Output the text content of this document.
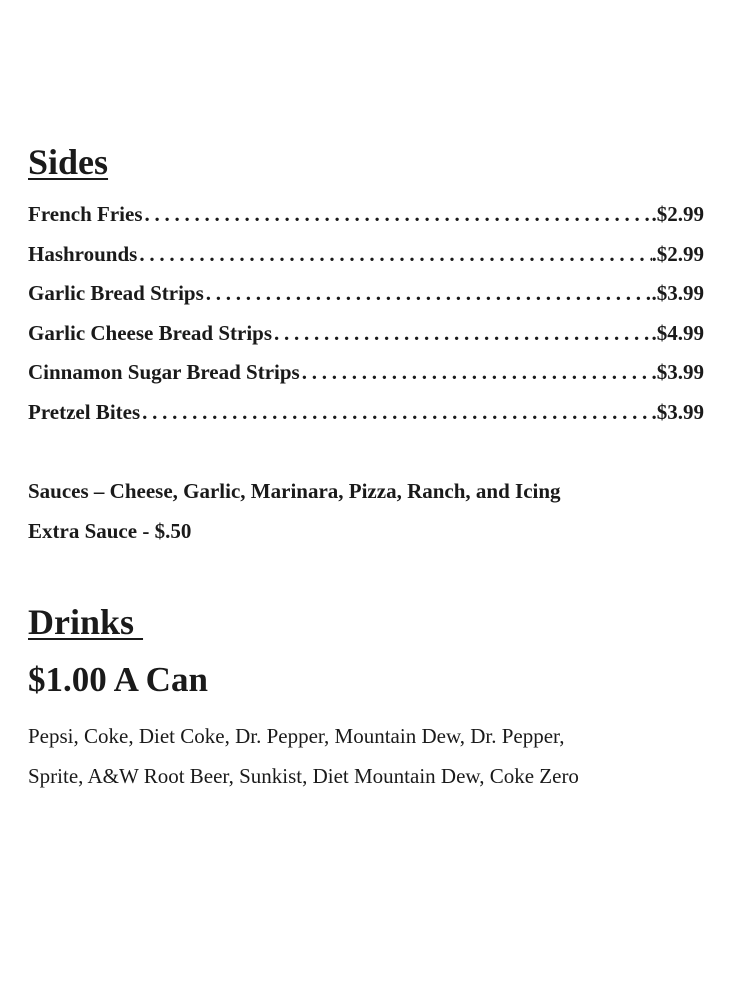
Sides
French Fries . . .	.$2.99
Hashrounds . . .	.$2.99
Garlic Bread Strips . . .	.$3.99
Garlic Cheese Bread Strips . . .	.$4.99
Cinnamon Sugar Bread Strips . . .	.$3.99
Pretzel Bites . . .	.$3.99

Sauces – Cheese, Garlic, Marinara, Pizza, Ranch, and Icing

Extra Sauce - $.50

Drinks

$1.00 A Can

Pepsi, Coke, Diet Coke, Dr. Pepper, Mountain Dew, Dr. Pepper,

Sprite, A&W Root Beer, Sunkist, Diet Mountain Dew, Coke Zero
